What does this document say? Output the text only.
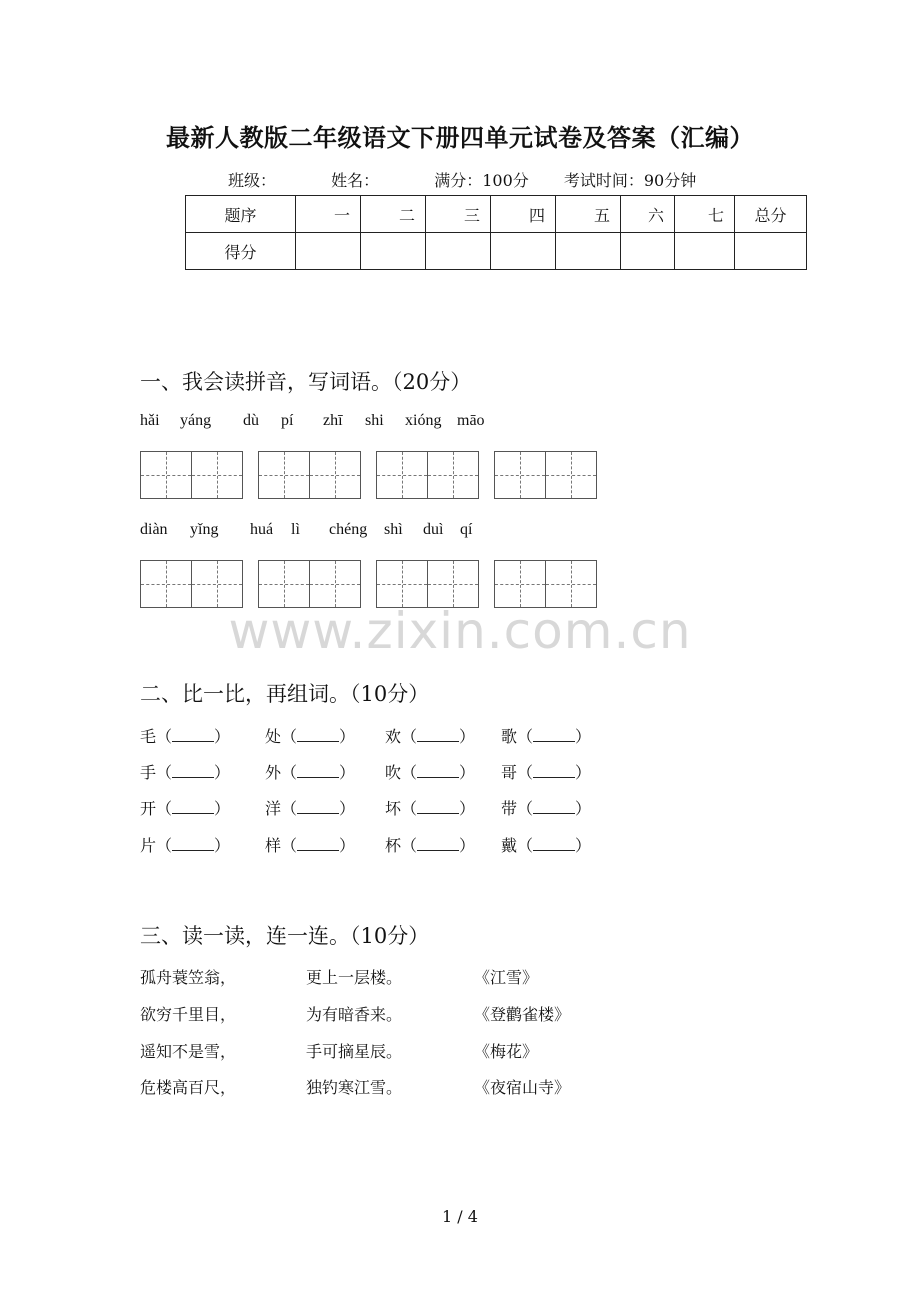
最新人教版二年级语文下册四单元试卷及答案（汇编）
班级：	姓名：	满分：100分 考试时间：90分钟
题序	一	二	三	四	五	六	七	总分
得分								
一、我会读拼音，写词语。（20分）
hǎi yáng dù pí zhī shi xióng māo
diàn yǐng huá lì chéng shì duì qí
www.zixin.com.cn
二、比一比，再组词。（10分）
毛（	） 处（	） 欢（	） 歌（	）
手（	） 外（	） 吹（	） 哥（	）
开（	） 洋（	） 坏（	） 带（	）
片（	） 样（	） 杯（	） 戴（	）
三、读一读，连一连。（10分）
孤舟蓑笠翁，	更上一层楼。	《江雪》
欲穷千里目，	为有暗香来。	《登鹳雀楼》
遥知不是雪，	手可摘星辰。	《梅花》
危楼高百尺，	独钓寒江雪。	《夜宿山寺》
1 / 4
